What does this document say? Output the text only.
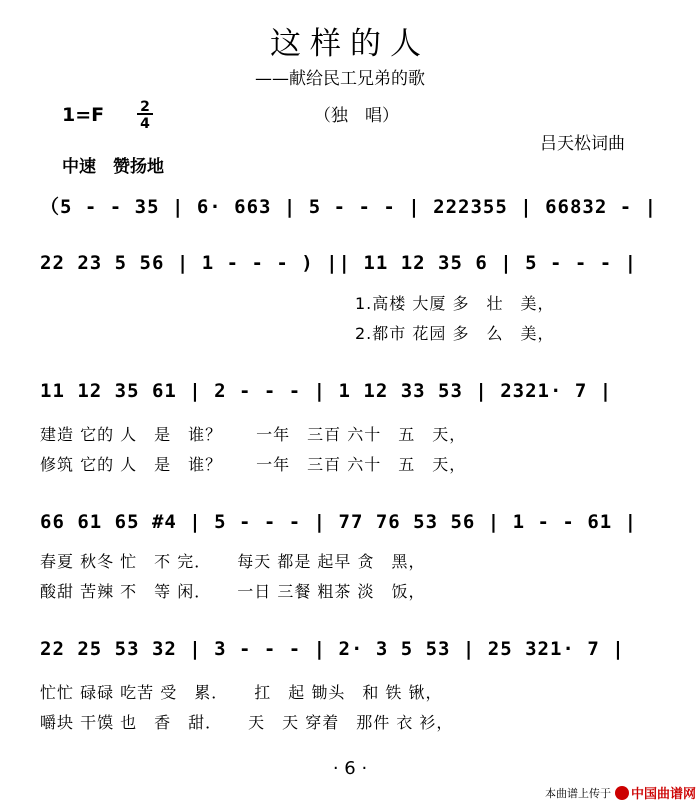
这样的人
——献给民工兄弟的歌
（独　唱）
1=F	2
4
吕天松词曲
中速　赞扬地
（5 - - 35 | 6· 663 | 5 - - - | 222355 | 66832 - |
22 23 5 56 | 1 - - - ) || 11 12 35 6 | 5 - - - |
1.高楼 大厦 多　壮　美，
2.都市 花园 多　么　美，
11 12 35 61 | 2 - - - | 1 12 33 53 | 2321· 7 |
建造 它的 人　是　谁？　　一年　三百 六十　五　天，
修筑 它的 人　是　谁？　　一年　三百 六十　五　天，
66 61 65 #4 | 5 - - - | 77 76 53 56 | 1 - - 61 |
春夏 秋冬 忙　不 完．　　每天 都是 起早 贪　黑，
酸甜 苦辣 不　等 闲．　　一日 三餐 粗茶 淡　饭，
22 25 53 32 | 3 - - - | 2· 3 5 53 | 25 321· 7 |
忙忙 碌碌 吃苦 受　累．　　扛　起 锄头　和 铁 锹，
嚼块 干馍 也　香　甜．　　天　天 穿着　那件 衣 衫，
· 6 ·
本曲谱上传于 中国曲谱网
